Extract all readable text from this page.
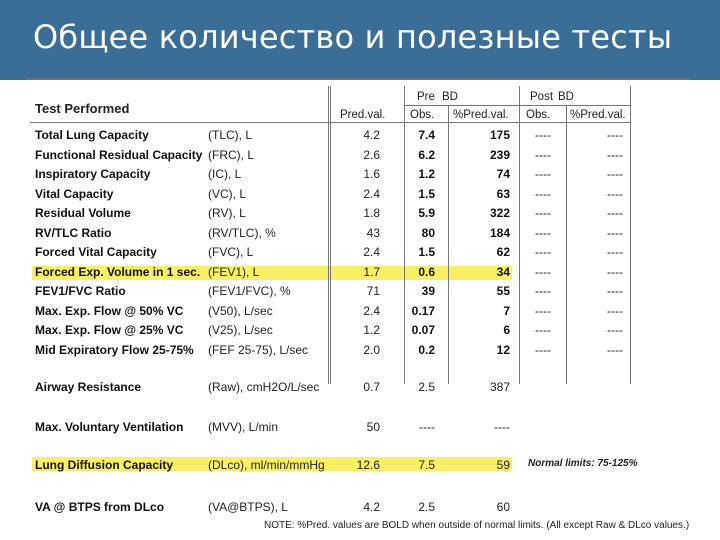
Общее количество и полезные тесты
Test Performed
Pre BD	Post BD
Pred.val. Obs. %Pred.val. Obs. %Pred.val.
Total Lung Capacity	(TLC), L	4.2	7.4	175	----	----
Functional Residual Capacity (FRC), L	2.6	6.2	239	----	----
Inspiratory Capacity	(IC), L	1.6	1.2	74	----	----
Vital Capacity	(VC), L	2.4	1.5	63	----	----
Residual Volume	(RV), L	1.8	5.9	322	----	----
RV/TLC Ratio	(RV/TLC), %	43	80	184	----	----
Forced Vital Capacity	(FVC), L	2.4	1.5	62	----	----
Forced Exp. Volume in 1 sec. (FEV1), L	1.7	0.6	34	----	----
FEV1/FVC Ratio	(FEV1/FVC), %	71	39	55	----	----
Max. Exp. Flow @ 50% VC (V50), L/sec	2.4	0.17	7	----	----
Max. Exp. Flow @ 25% VC (V25), L/sec	1.2	0.07	6	----	----
Mid Expiratory Flow 25-75% (FEF 25-75), L/sec	2.0	0.2	12	----	----
Airway Resistance	(Raw), cmH2O/L/sec	0.7	2.5	387
Max. Voluntary Ventilation (MVV), L/min	50	----	----
Lung Diffusion Capacity	(DLco), ml/min/mmHg	12.6	7.5	59
VA @ BTPS from DLco	(VA@BTPS), L	4.2	2.5	60
Normal limits: 75-125%
NOTE: %Pred. values are BOLD when outside of normal limits. (All except Raw & DLco values.)
